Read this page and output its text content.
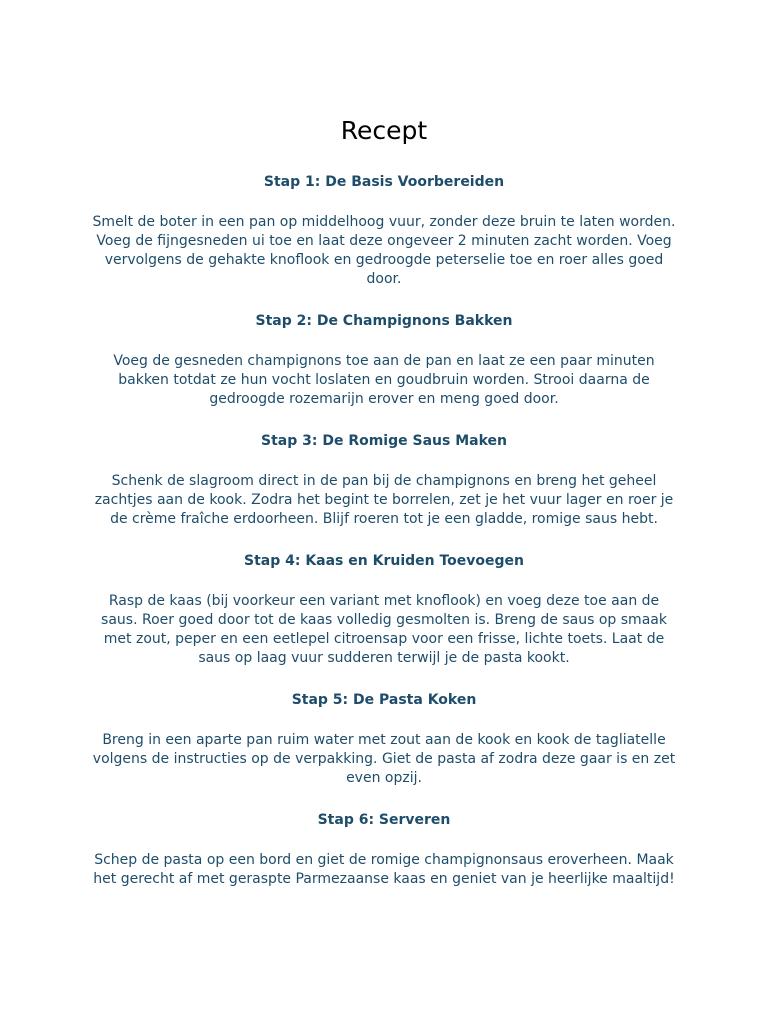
Recept
Stap 1: De Basis Voorbereiden

Smelt de boter in een pan op middelhoog vuur, zonder deze bruin te laten worden. Voeg de fijngesneden ui toe en laat deze ongeveer 2 minuten zacht worden. Voeg vervolgens de gehakte knoflook en gedroogde peterselie toe en roer alles goed door.

Stap 2: De Champignons Bakken

Voeg de gesneden champignons toe aan de pan en laat ze een paar minuten bakken totdat ze hun vocht loslaten en goudbruin worden. Strooi daarna de gedroogde rozemarijn erover en meng goed door.

Stap 3: De Romige Saus Maken

Schenk de slagroom direct in de pan bij de champignons en breng het geheel zachtjes aan de kook. Zodra het begint te borrelen, zet je het vuur lager en roer je de crème fraîche erdoorheen. Blijf roeren tot je een gladde, romige saus hebt.

Stap 4: Kaas en Kruiden Toevoegen

Rasp de kaas (bij voorkeur een variant met knoflook) en voeg deze toe aan de saus. Roer goed door tot de kaas volledig gesmolten is. Breng de saus op smaak met zout, peper en een eetlepel citroensap voor een frisse, lichte toets. Laat de saus op laag vuur sudderen terwijl je de pasta kookt.

Stap 5: De Pasta Koken

Breng in een aparte pan ruim water met zout aan de kook en kook de tagliatelle volgens de instructies op de verpakking. Giet de pasta af zodra deze gaar is en zet even opzij.

Stap 6: Serveren

Schep de pasta op een bord en giet de romige champignonsaus eroverheen. Maak het gerecht af met geraspte Parmezaanse kaas en geniet van je heerlijke maaltijd!
